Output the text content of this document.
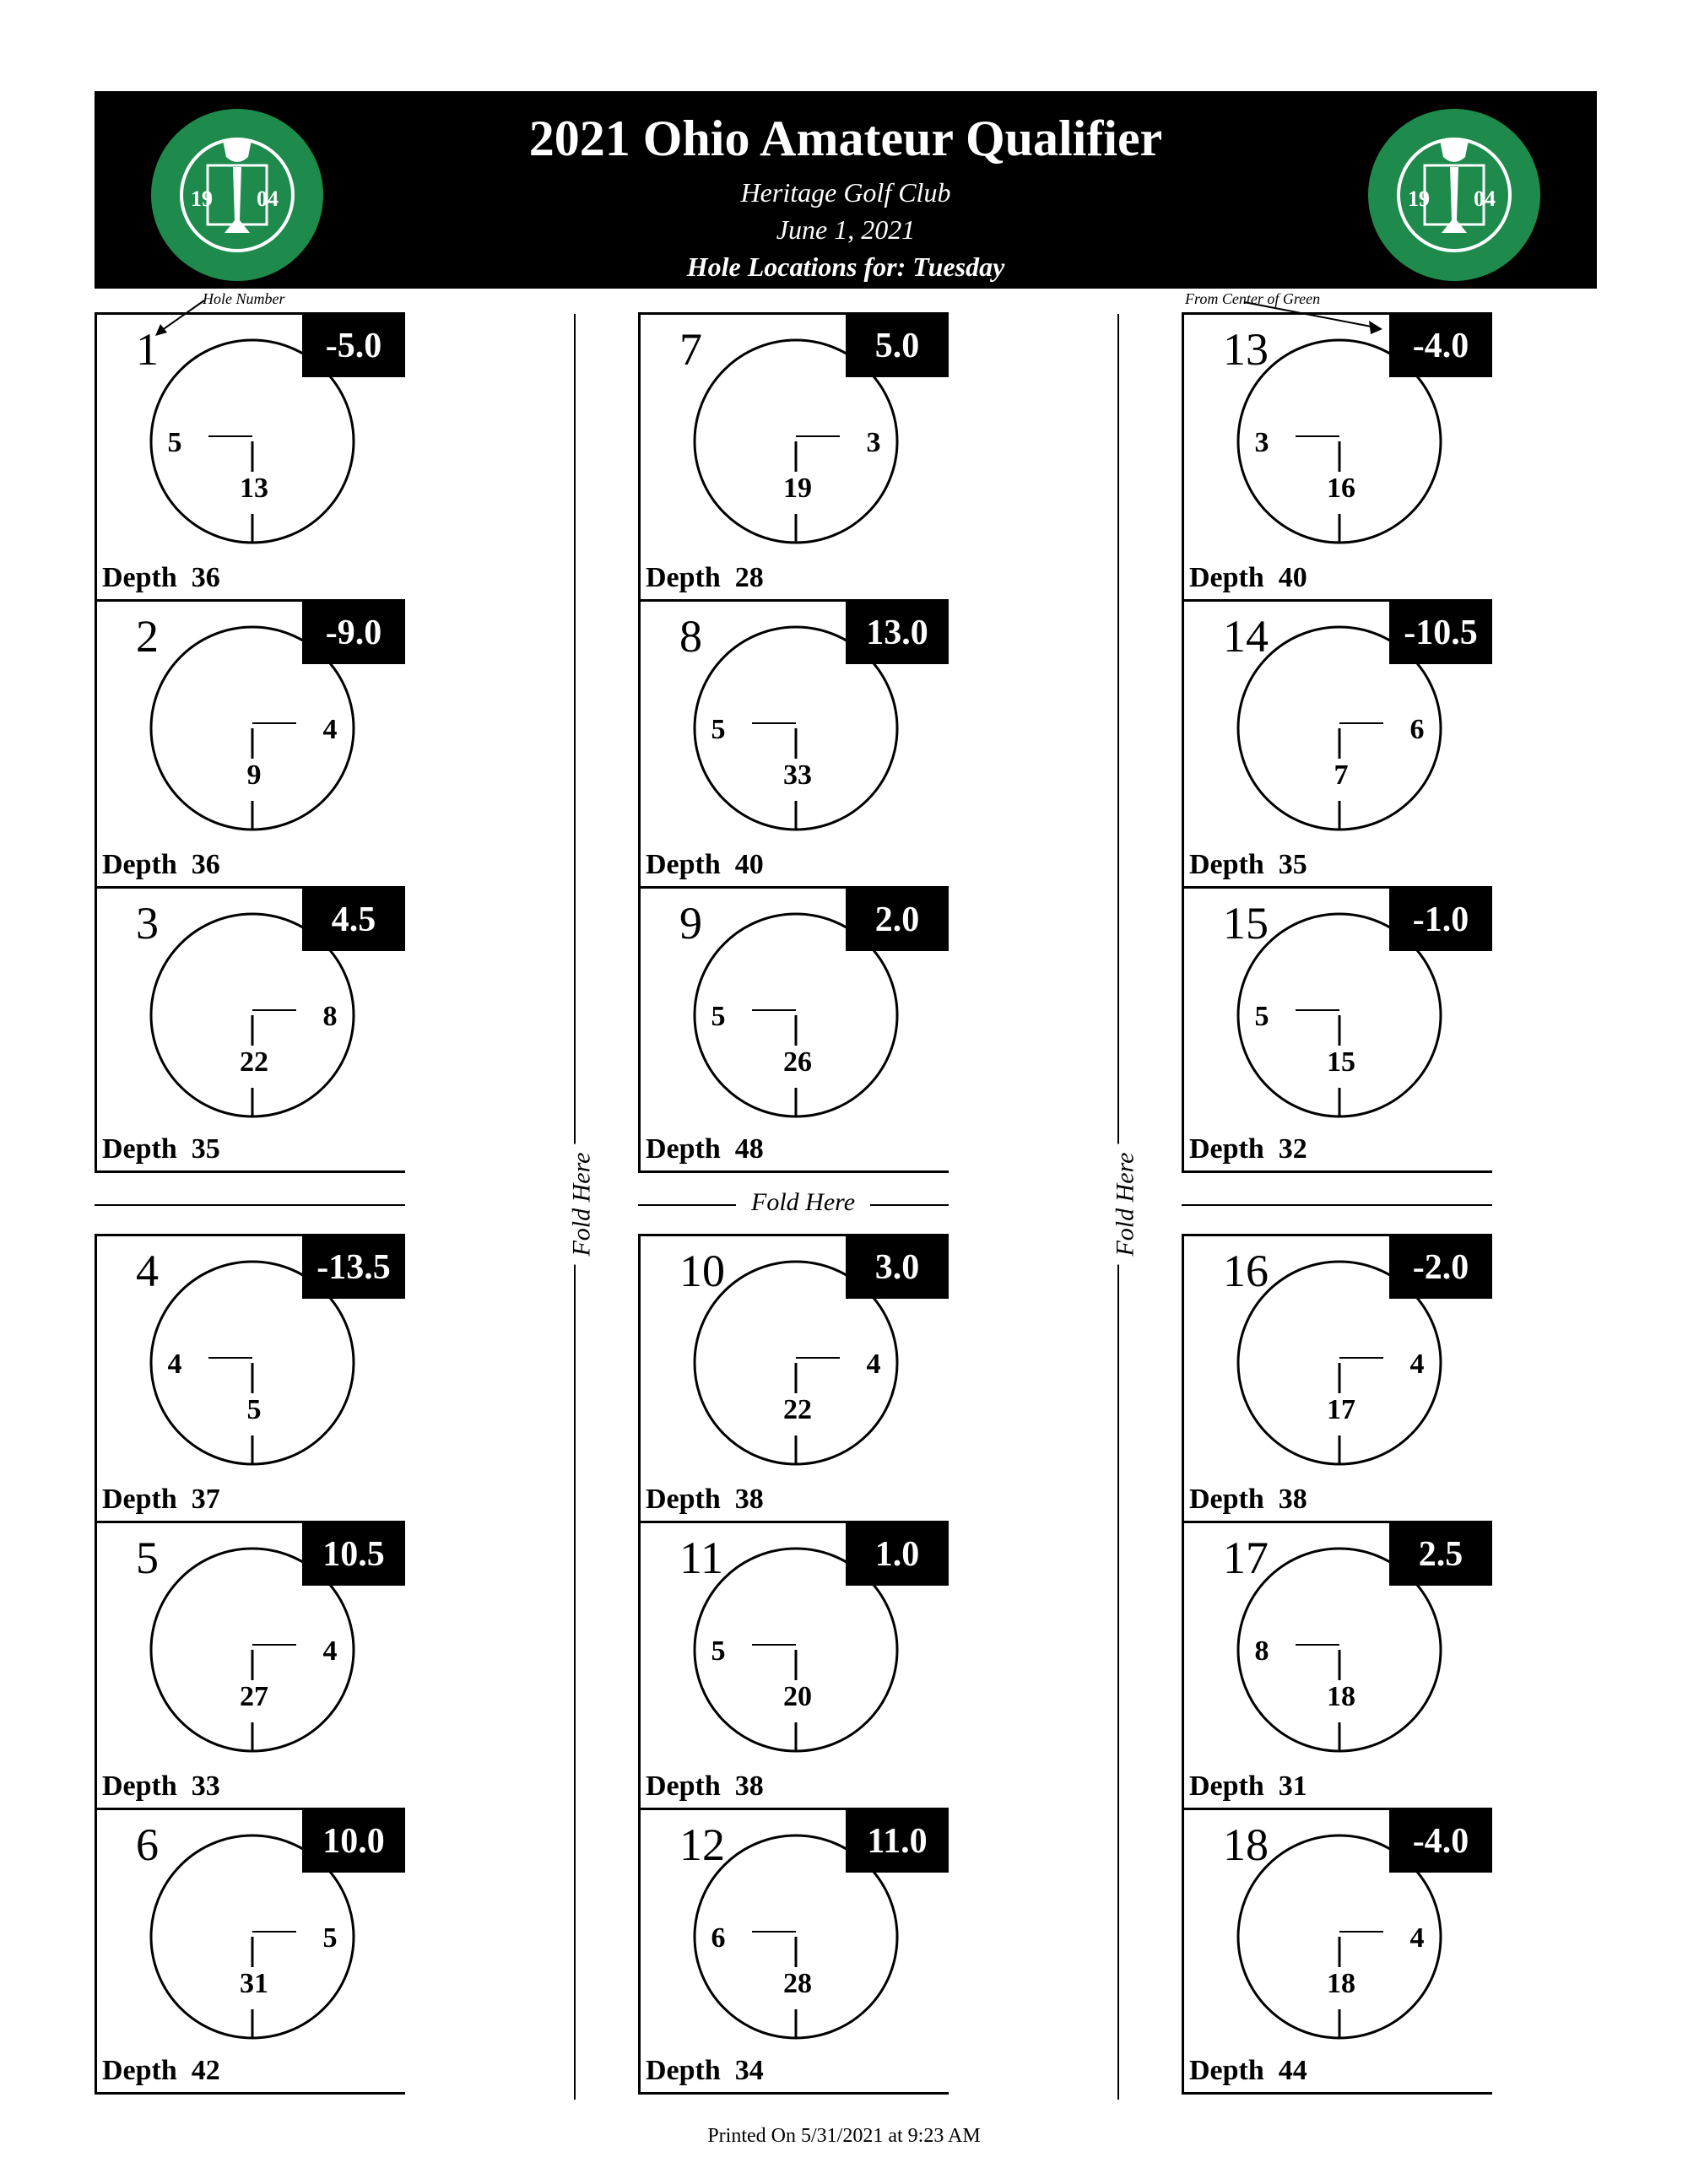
19 04
2021 Ohio Amateur Qualifier
Heritage Golf Club
June 1, 2021
Hole Locations for: Tuesday
19 04
Hole Number	From Center of Green
5
13
1	-5.0
Depth  36
4
9
2	-9.0
Depth  36
8
22
3	4.5
Depth  35
4
5
4	-13.5
Depth  37
4
27
5	10.5
Depth  33
5
31
6	10.0
Depth  42
3
19
7	5.0
Depth  28
5
33
8	13.0
Depth  40
5
26
9	2.0
Depth  48
4
22
10	3.0
Depth  38
5
20
11	1.0
Depth  38
6
28
12	11.0
Depth  34
3
16
13	-4.0
Depth  40
6
7
14	-10.5
Depth  35
5
15
15	-1.0
Depth  32
4
17
16	-2.0
Depth  38
8
18
17	2.5
Depth  31
4
18
18	-4.0
Depth  44
Fold Here	Fold Here
Fold Here
Printed On 5/31/2021 at 9:23 AM
